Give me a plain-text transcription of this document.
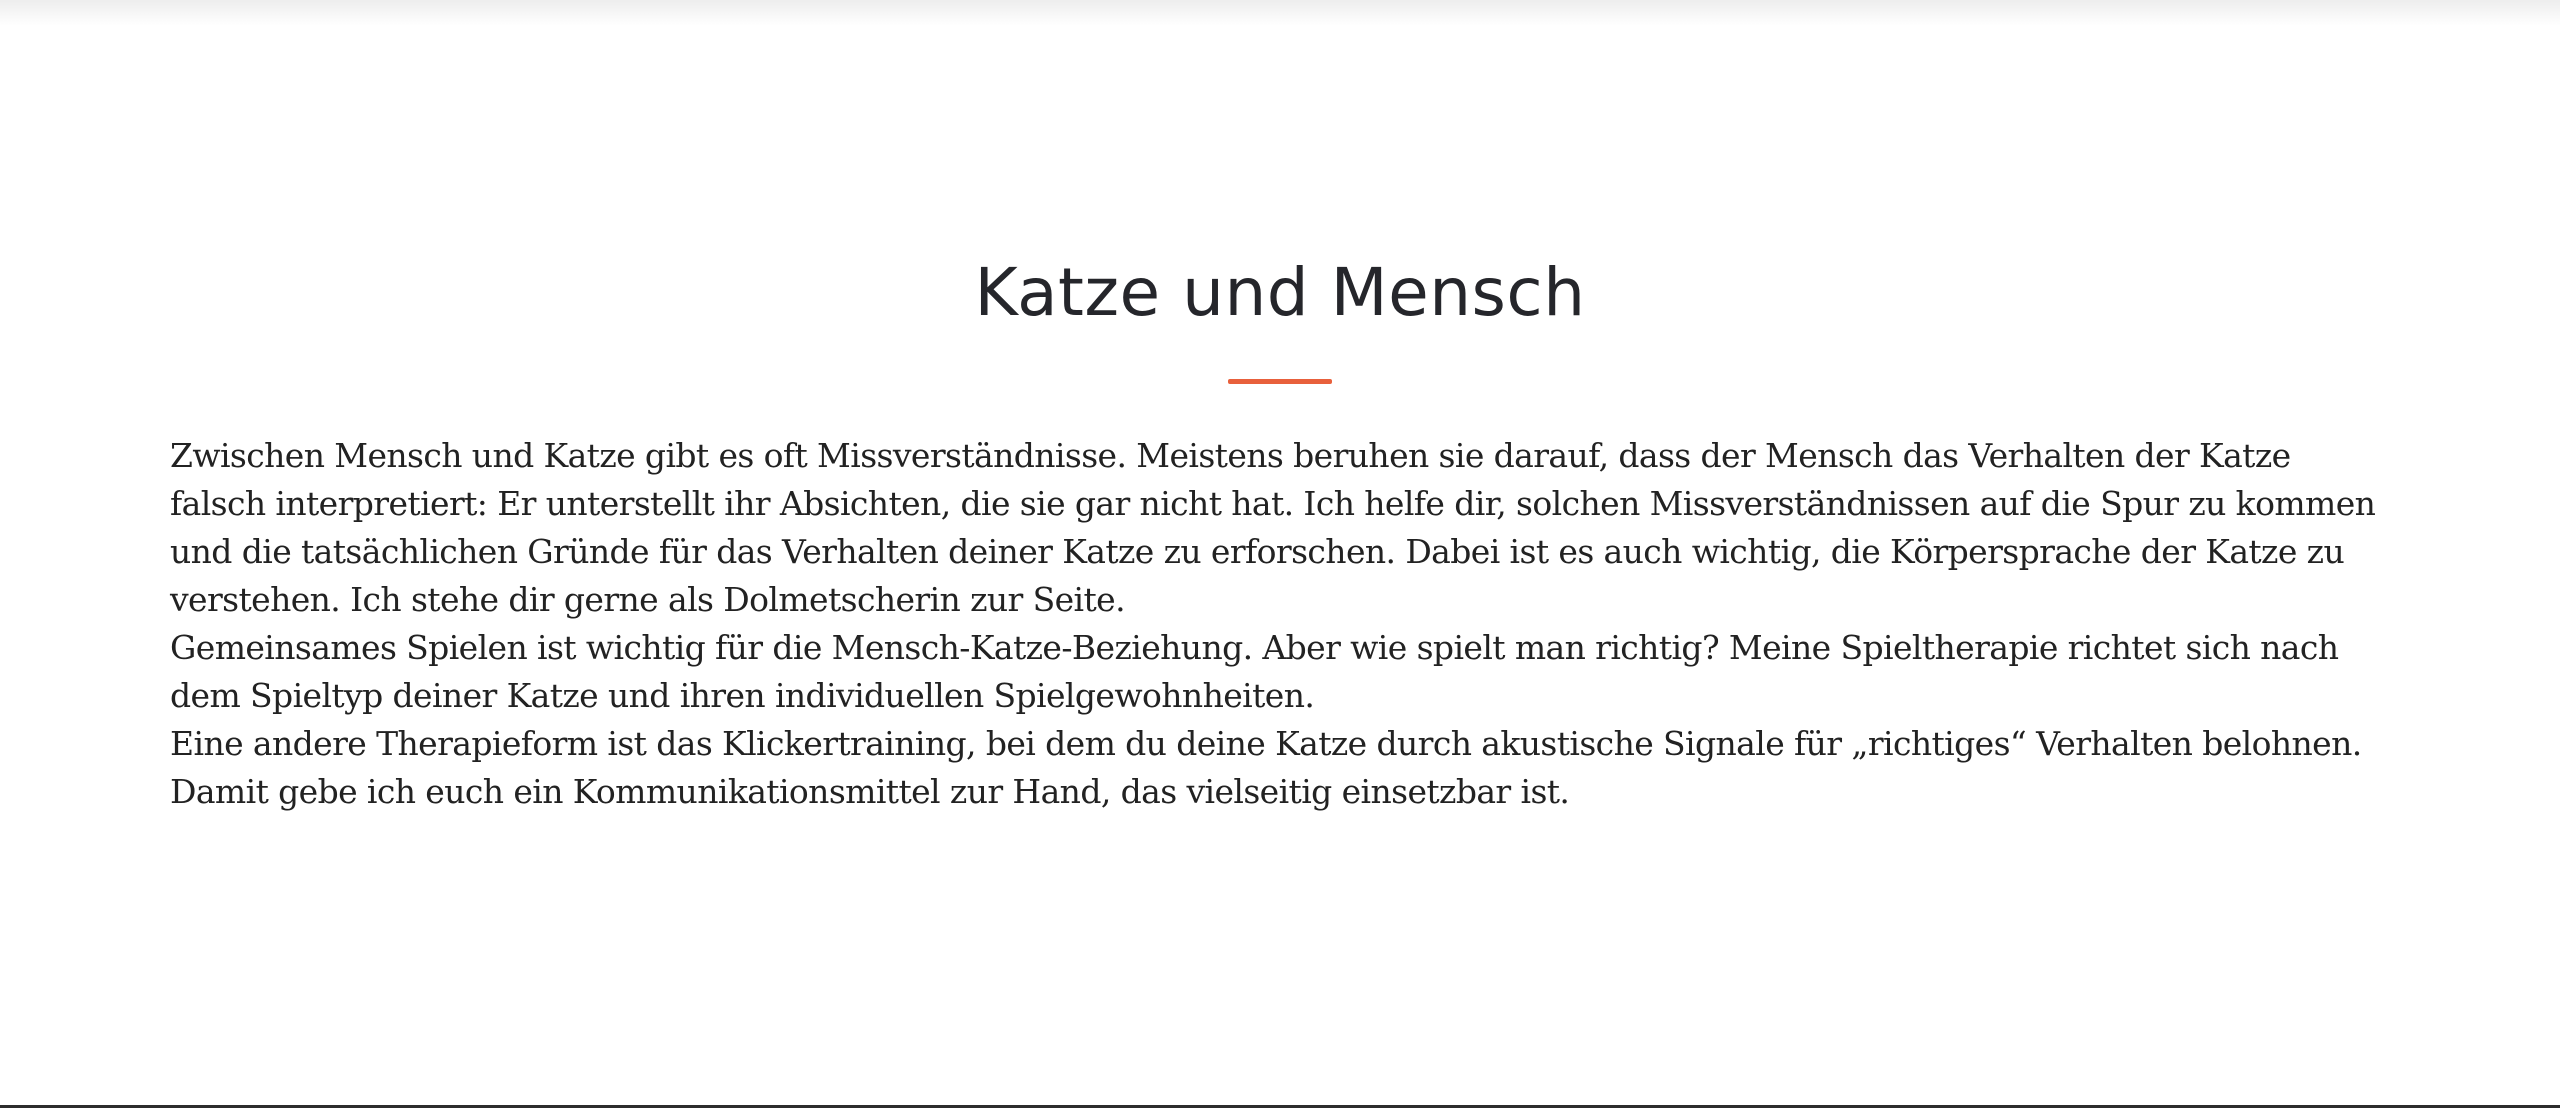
Katze und Mensch

Zwischen Mensch und Katze gibt es oft Missverständnisse. Meistens beruhen sie darauf, dass der Mensch das Verhalten der Katze falsch interpretiert: Er unterstellt ihr Absichten, die sie gar nicht hat. Ich helfe dir, solchen Missverständnissen auf die Spur zu kommen und die tatsächlichen Gründe für das Verhalten deiner Katze zu erforschen. Dabei ist es auch wichtig, die Körpersprache der Katze zu verstehen. Ich stehe dir gerne als Dolmetscherin zur Seite.

Gemeinsames Spielen ist wichtig für die Mensch-Katze-Beziehung. Aber wie spielt man richtig? Meine Spieltherapie richtet sich nach dem Spieltyp deiner Katze und ihren individuellen Spielgewohnheiten.

Eine andere Therapieform ist das Klickertraining, bei dem du deine Katze durch akustische Signale für „richtiges“ Verhalten belohnen. Damit gebe ich euch ein Kommunikationsmittel zur Hand, das vielseitig einsetzbar ist.
